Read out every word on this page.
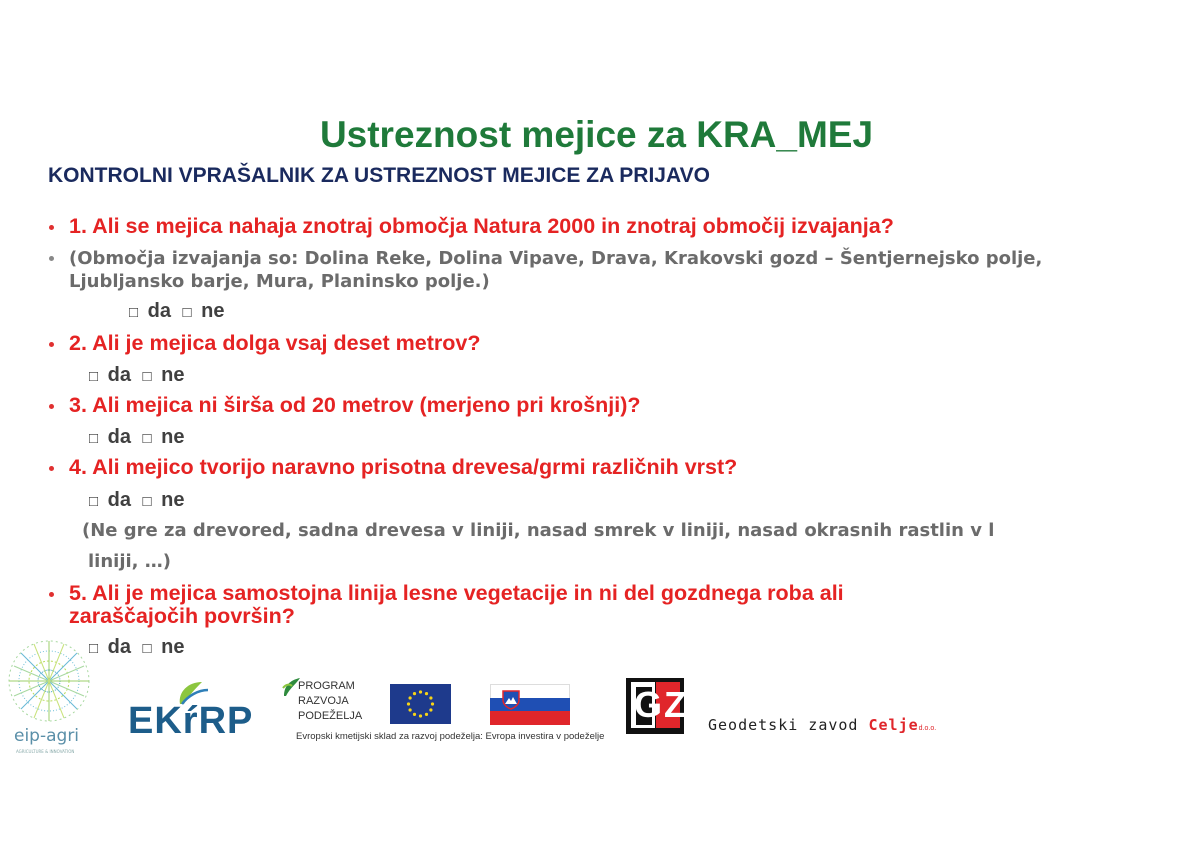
Ustreznost mejice za KRA_MEJ
KONTROLNI VPRAŠALNIK ZA USTREZNOST MEJICE ZA PRIJAVO
1. Ali se mejica nahaja znotraj območja Natura 2000 in znotraj območij izvajanja?
(Območja izvajanja so: Dolina Reke, Dolina Vipave, Drava, Krakovski gozd – Šentjernejsko polje,
Ljubljansko barje, Mura, Planinsko polje.)
□ da □ ne
2. Ali je mejica dolga vsaj deset metrov?
□ da □ ne
3. Ali mejica ni širša od 20 metrov (merjeno pri krošnji)?
□ da □ ne
4. Ali mejico tvorijo naravno prisotna drevesa/grmi različnih vrst?
□ da □ ne
(Ne gre za drevored, sadna drevesa v liniji, nasad smrek v liniji, nasad okrasnih rastlin v l
liniji, …)
5. Ali je mejica samostojna linija lesne vegetacije in ni del gozdnega roba ali
zaraščajočih površin?
□ da □ ne
eip-agri
AGRICULTURE & INNOVATION
EKŕRP
PROGRAM
RAZVOJA
PODEŽELJA
Evropski kmetijski sklad za razvoj podeželja: Evropa investira v podeželje
GZ Geodetski zavod Celjed.o.o.
